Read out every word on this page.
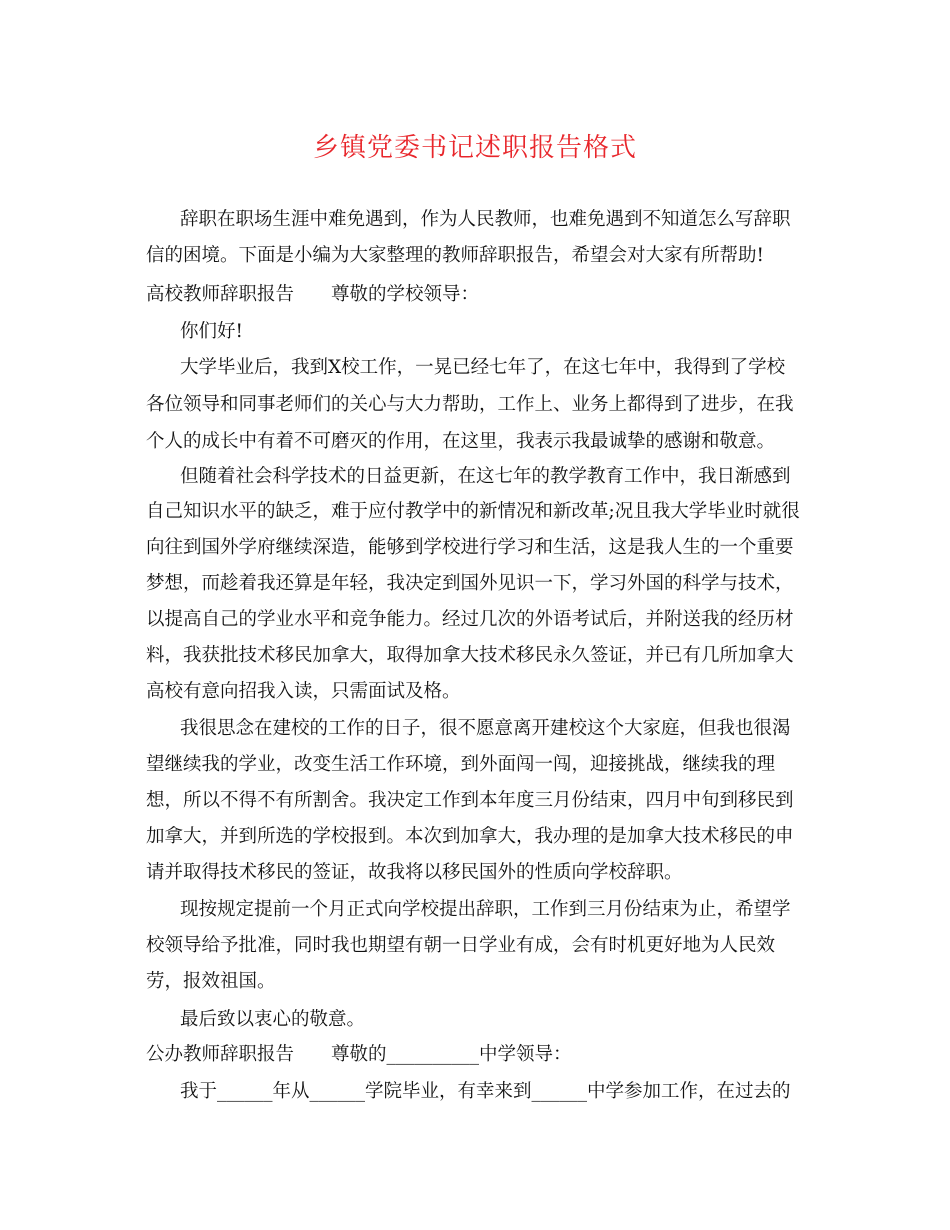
乡镇党委书记述职报告格式
辞职在职场生涯中难免遇到，作为人民教师，也难免遇到不知道怎么写辞职
信的困境。下面是小编为大家整理的教师辞职报告，希望会对大家有所帮助!
高校教师辞职报告　　尊敬的学校领导：
你们好!
大学毕业后，我到X校工作，一晃已经七年了，在这七年中，我得到了学校
各位领导和同事老师们的关心与大力帮助，工作上、业务上都得到了进步，在我
个人的成长中有着不可磨灭的作用，在这里，我表示我最诚挚的感谢和敬意。
但随着社会科学技术的日益更新，在这七年的教学教育工作中，我日渐感到
自己知识水平的缺乏，难于应付教学中的新情况和新改革;况且我大学毕业时就很
向往到国外学府继续深造，能够到学校进行学习和生活，这是我人生的一个重要
梦想，而趁着我还算是年轻，我决定到国外见识一下，学习外国的科学与技术，
以提高自己的学业水平和竞争能力。经过几次的外语考试后，并附送我的经历材
料，我获批技术移民加拿大，取得加拿大技术移民永久签证，并已有几所加拿大
高校有意向招我入读，只需面试及格。
我很思念在建校的工作的日子，很不愿意离开建校这个大家庭，但我也很渴
望继续我的学业，改变生活工作环境，到外面闯一闯，迎接挑战，继续我的理
想，所以不得不有所割舍。我决定工作到本年度三月份结束，四月中旬到移民到
加拿大，并到所选的学校报到。本次到加拿大，我办理的是加拿大技术移民的申
请并取得技术移民的签证，故我将以移民国外的性质向学校辞职。
现按规定提前一个月正式向学校提出辞职，工作到三月份结束为止，希望学
校领导给予批准，同时我也期望有朝一日学业有成，会有时机更好地为人民效
劳，报效祖国。
最后致以衷心的敬意。
公办教师辞职报告　　尊敬的__________中学领导：
我于______年从______学院毕业，有幸来到______中学参加工作，在过去的
